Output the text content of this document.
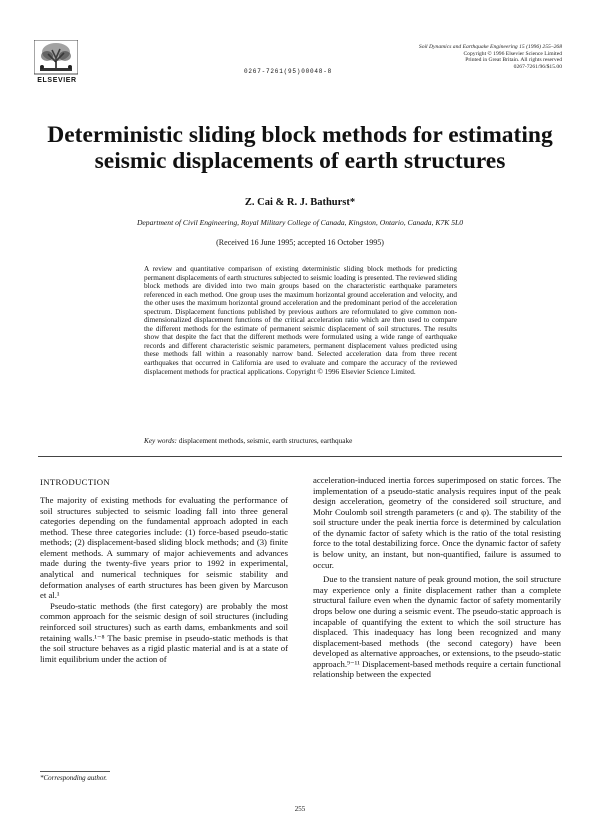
ELSEVIER
0267-7261(95)00048-8
Soil Dynamics and Earthquake Engineering 15 (1996) 255–268
Copyright © 1996 Elsevier Science Limited
Printed in Great Britain. All rights reserved
0267-7261/96/$15.00
Deterministic sliding block methods for estimating seismic displacements of earth structures
Z. Cai & R. J. Bathurst*
Department of Civil Engineering, Royal Military College of Canada, Kingston, Ontario, Canada, K7K 5L0
(Received 16 June 1995; accepted 16 October 1995)
A review and quantitative comparison of existing deterministic sliding block methods for predicting permanent displacements of earth structures subjected to seismic loading is presented. The reviewed sliding block methods are divided into two main groups based on the characteristic earthquake parameters referenced in each method. One group uses the maximum horizontal ground acceleration and velocity, and the other uses the maximum horizontal ground acceleration and the predominant period of the acceleration spectrum. Displacement functions published by previous authors are reformulated to give common non-dimensionalized displacement functions of the critical acceleration ratio which are then used to compare the different methods for the estimate of permanent seismic displacement of soil structures. The results show that despite the fact that the different methods were formulated using a wide range of earthquake records and different characteristic seismic parameters, permanent displacement values predicted using these methods fall within a reasonably narrow band. Selected acceleration data from three recent earthquakes that occurred in California are used to evaluate and compare the accuracy of the reviewed displacement methods for practical applications. Copyright © 1996 Elsevier Science Limited.
Key words: displacement methods, seismic, earth structures, earthquake
INTRODUCTION

The majority of existing methods for evaluating the performance of soil structures subjected to seismic loading fall into three general categories depending on the fundamental approach adopted in each method. These three categories include: (1) force-based pseudo-static methods; (2) displacement-based sliding block methods; and (3) finite element methods. A summary of major achievements and advances made during the twenty-five years prior to 1992 in experimental, analytical and numerical techniques for seismic stability and deformation analyses of earth structures has been given by Marcuson et al.¹

Pseudo-static methods (the first category) are probably the most common approach for the seismic design of soil structures (including reinforced soil structures) such as earth dams, embankments and soil retaining walls.¹⁻⁸ The basic premise in pseudo-static methods is that the soil structure behaves as a rigid plastic material and is at a state of limit equilibrium under the action of

acceleration-induced inertia forces superimposed on static forces. The implementation of a pseudo-static analysis requires input of the peak design acceleration, geometry of the considered soil structure, and Mohr Coulomb soil strength parameters (c and φ). The stability of the soil structure under the peak inertia force is determined by calculation of the dynamic factor of safety which is the ratio of the total resisting force to the total destabilizing force. Once the dynamic factor of safety is below unity, an instant, but non-quantified, failure is assumed to occur.

Due to the transient nature of peak ground motion, the soil structure may experience only a finite displacement rather than a complete structural failure even when the dynamic factor of safety momentarily drops below one during a seismic event. The pseudo-static approach is incapable of quantifying the extent to which the soil structure has displaced. This inadequacy has long been recognized and many displacement-based methods (the second category) have been developed as alternative approaches, or extensions, to the pseudo-static approach.⁹⁻¹¹ Displacement-based methods require a certain functional relationship between the expected

*Corresponding author.
255
